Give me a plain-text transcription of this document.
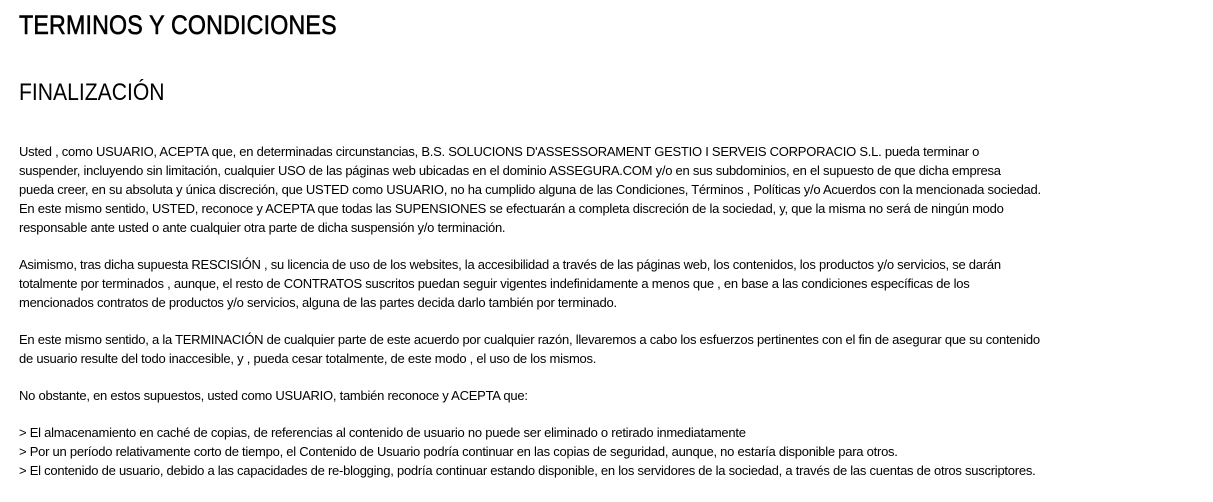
TERMINOS Y CONDICIONES
FINALIZACIÓN

Usted , como USUARIO, ACEPTA que, en determinadas circunstancias, B.S. SOLUCIONS D'ASSESSORAMENT GESTIO I SERVEIS CORPORACIO S.L. pueda terminar o
suspender, incluyendo sin limitación, cualquier USO de las páginas web ubicadas en el dominio ASSEGURA.COM y/o en sus subdominios, en el supuesto de que dicha empresa
pueda creer, en su absoluta y única discreción, que USTED como USUARIO, no ha cumplido alguna de las Condiciones, Términos , Políticas y/o Acuerdos con la mencionada sociedad.
En este mismo sentido, USTED, reconoce y ACEPTA que todas las SUPENSIONES se efectuarán a completa discreción de la sociedad, y, que la misma no será de ningún modo
responsable ante usted o ante cualquier otra parte de dicha suspensión y/o terminación.

Asimismo, tras dicha supuesta RESCISIÓN , su licencia de uso de los websites, la accesibilidad a través de las páginas web, los contenidos, los productos y/o servicios, se darán
totalmente por terminados , aunque, el resto de CONTRATOS suscritos puedan seguir vigentes indefinidamente a menos que , en base a las condiciones específicas de los
mencionados contratos de productos y/o servicios, alguna de las partes decida darlo también por terminado.

En este mismo sentido, a la TERMINACIÓN de cualquier parte de este acuerdo por cualquier razón, llevaremos a cabo los esfuerzos pertinentes con el fin de asegurar que su contenido
de usuario resulte del todo inaccesible, y , pueda cesar totalmente, de este modo , el uso de los mismos.

No obstante, en estos supuestos, usted como USUARIO, también reconoce y ACEPTA que:

> El almacenamiento en caché de copias, de referencias al contenido de usuario no puede ser eliminado o retirado inmediatamente
> Por un período relativamente corto de tiempo, el Contenido de Usuario podría continuar en las copias de seguridad, aunque, no estaría disponible para otros.
> El contenido de usuario, debido a las capacidades de re-blogging, podría continuar estando disponible, en los servidores de la sociedad, a través de las cuentas de otros suscriptores.
